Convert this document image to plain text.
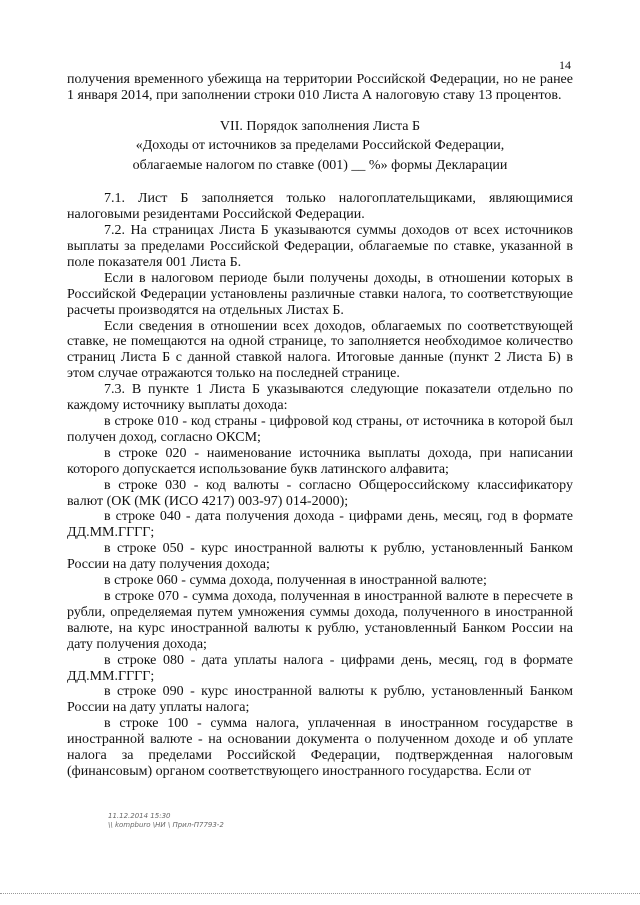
14

получения временного убежища на территории Российской Федерации, но не ранее 1 января 2014, при заполнении строки 010 Листа А налоговую ставу 13 процентов.

VII. Порядок заполнения Листа Б
«Доходы от источников за пределами Российской Федерации,
облагаемые налогом по ставке (001) __ %» формы Декларации

7.1. Лист Б заполняется только налогоплательщиками, являющимися налоговыми резидентами Российской Федерации.

7.2. На страницах Листа Б указываются суммы доходов от всех источников выплаты за пределами Российской Федерации, облагаемые по ставке, указанной в поле показателя 001 Листа Б.

Если в налоговом периоде были получены доходы, в отношении которых в Российской Федерации установлены различные ставки налога, то соответствующие расчеты производятся на отдельных Листах Б.

Если сведения в отношении всех доходов, облагаемых по соответствующей ставке, не помещаются на одной странице, то заполняется необходимое количество страниц Листа Б с данной ставкой налога. Итоговые данные (пункт 2 Листа Б) в этом случае отражаются только на последней странице.

7.3. В пункте 1 Листа Б указываются следующие показатели отдельно по каждому источнику выплаты дохода:

в строке 010 - код страны - цифровой код страны, от источника в которой был получен доход, согласно ОКСМ;

в строке 020 - наименование источника выплаты дохода, при написании которого допускается использование букв латинского алфавита;

в строке 030 - код валюты - согласно Общероссийскому классификатору валют (ОК (МК (ИСО 4217) 003-97) 014-2000);

в строке 040 - дата получения дохода - цифрами день, месяц, год в формате ДД.ММ.ГГГГ;

в строке 050 - курс иностранной валюты к рублю, установленный Банком России на дату получения дохода;

в строке 060 - сумма дохода, полученная в иностранной валюте;

в строке 070 - сумма дохода, полученная в иностранной валюте в пересчете в рубли, определяемая путем умножения суммы дохода, полученного в иностранной валюте, на курс иностранной валюты к рублю, установленный Банком России на дату получения дохода;

в строке 080 - дата уплаты налога - цифрами день, месяц, год в формате ДД.ММ.ГГГГ;

в строке 090 - курс иностранной валюты к рублю, установленный Банком России на дату уплаты налога;

в строке 100 - сумма налога, уплаченная в иностранном государстве в иностранной валюте - на основании документа о полученном доходе и об уплате налога за пределами Российской Федерации, подтвержденная налоговым (финансовым) органом соответствующего иностранного государства. Если от

11.12.2014 15:30
\\ kompburo \НИ \ Прил-П7793-2
